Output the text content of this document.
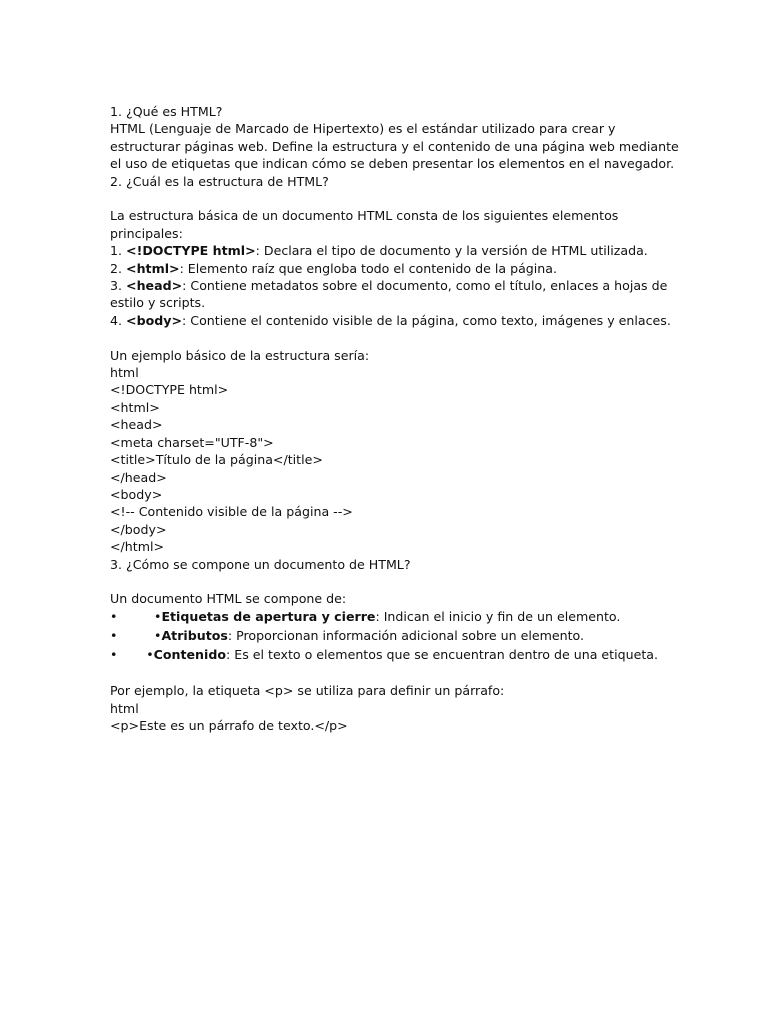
1. ¿Qué es HTML?
HTML (Lenguaje de Marcado de Hipertexto) es el estándar utilizado para crear y
estructurar páginas web. Define la estructura y el contenido de una página web mediante
el uso de etiquetas que indican cómo se deben presentar los elementos en el navegador.
2. ¿Cuál es la estructura de HTML?
La estructura básica de un documento HTML consta de los siguientes elementos
principales:
1. <!DOCTYPE html>: Declara el tipo de documento y la versión de HTML utilizada.
2. <html>: Elemento raíz que engloba todo el contenido de la página.
3. <head>: Contiene metadatos sobre el documento, como el título, enlaces a hojas de
estilo y scripts.
4. <body>: Contiene el contenido visible de la página, como texto, imágenes y enlaces.
Un ejemplo básico de la estructura sería:
html
<!DOCTYPE html>
<html>
<head>
<meta charset="UTF-8">
<title>Título de la página</title>
</head>
<body>
<!-- Contenido visible de la página -->
</body>
</html>
3. ¿Cómo se compone un documento de HTML?
Un documento HTML se compone de:
•	• Etiquetas de apertura y cierre : Indican el inicio y fin de un elemento.
•	• Atributos : Proporcionan información adicional sobre un elemento.
•	• Contenido : Es el texto o elementos que se encuentran dentro de una etiqueta.
Por ejemplo, la etiqueta <p> se utiliza para definir un párrafo:
html
<p>Este es un párrafo de texto.</p>
